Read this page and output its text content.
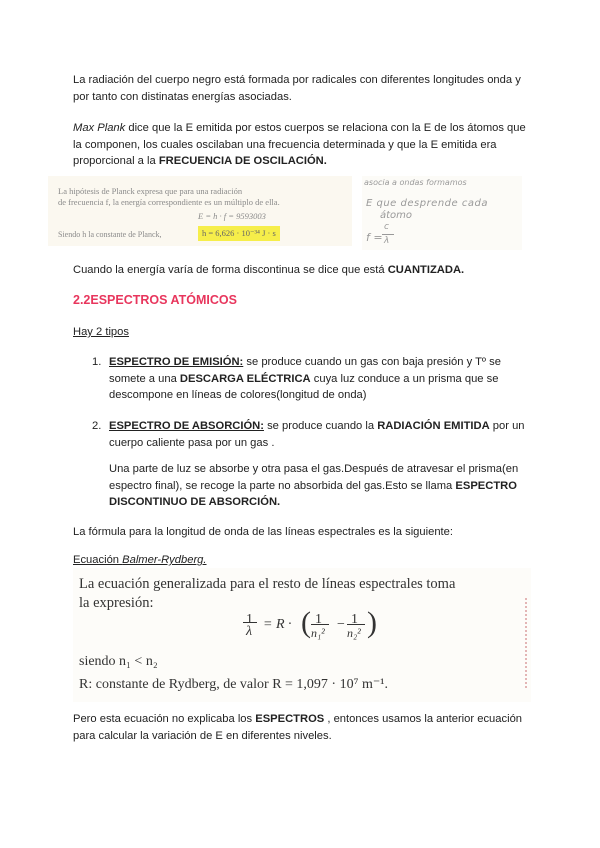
La radiación del cuerpo negro está formada por radicales con diferentes longitudes onda y por tanto con distinatas energías asociadas.
Max Plank dice que la E emitida por estos cuerpos se relaciona con la E de los átomos que la componen, los cuales oscilaban una frecuencia determinada y que la E emitida era proporcional a la FRECUENCIA DE OSCILACIÓN.
La hipótesis de Planck expresa que para una radiación
de frecuencia f, la energía correspondiente es un múltiplo de ella.
E = h · f = 9593003
Siendo h la constante de Planck,	h = 6,626 · 10⁻³⁴ J · s
asocia a ondas formamos
E que desprende cada
átomo
f =
c
λ
Cuando la energía varía de forma discontinua se dice que está CUANTIZADA.
2.2ESPECTROS ATÓMICOS
Hay 2 tipos
1. ESPECTRO DE EMISIÓN: se produce cuando un gas con baja presión y Tº se somete a una DESCARGA ELÉCTRICA cuya luz conduce a un prisma que se descompone en líneas de colores(longitud de onda)
2. ESPECTRO DE ABSORCIÓN: se produce cuando la RADIACIÓN EMITIDA por un cuerpo caliente pasa por un gas .
Una parte de luz se absorbe y otra pasa el gas.Después de atravesar el prisma(en espectro final), se recoge la parte no absorbida del gas.Esto se llama ESPECTRO DISCONTINUO DE ABSORCIÓN.
La fórmula para la longitud de onda de las líneas espectrales es la siguiente:
Ecuación Balmer-Rydberg.
La ecuación generalizada para el resto de líneas espectrales toma
la expresión:
1
λ = R · ( 1
n₁²
− 1
n₂² )
siendo n₁ < n₂
R: constante de Rydberg, de valor R = 1,097 · 10⁷ m⁻¹.
Pero esta ecuación no explicaba los ESPECTROS , entonces usamos la anterior ecuación para calcular la variación de E en diferentes niveles.
